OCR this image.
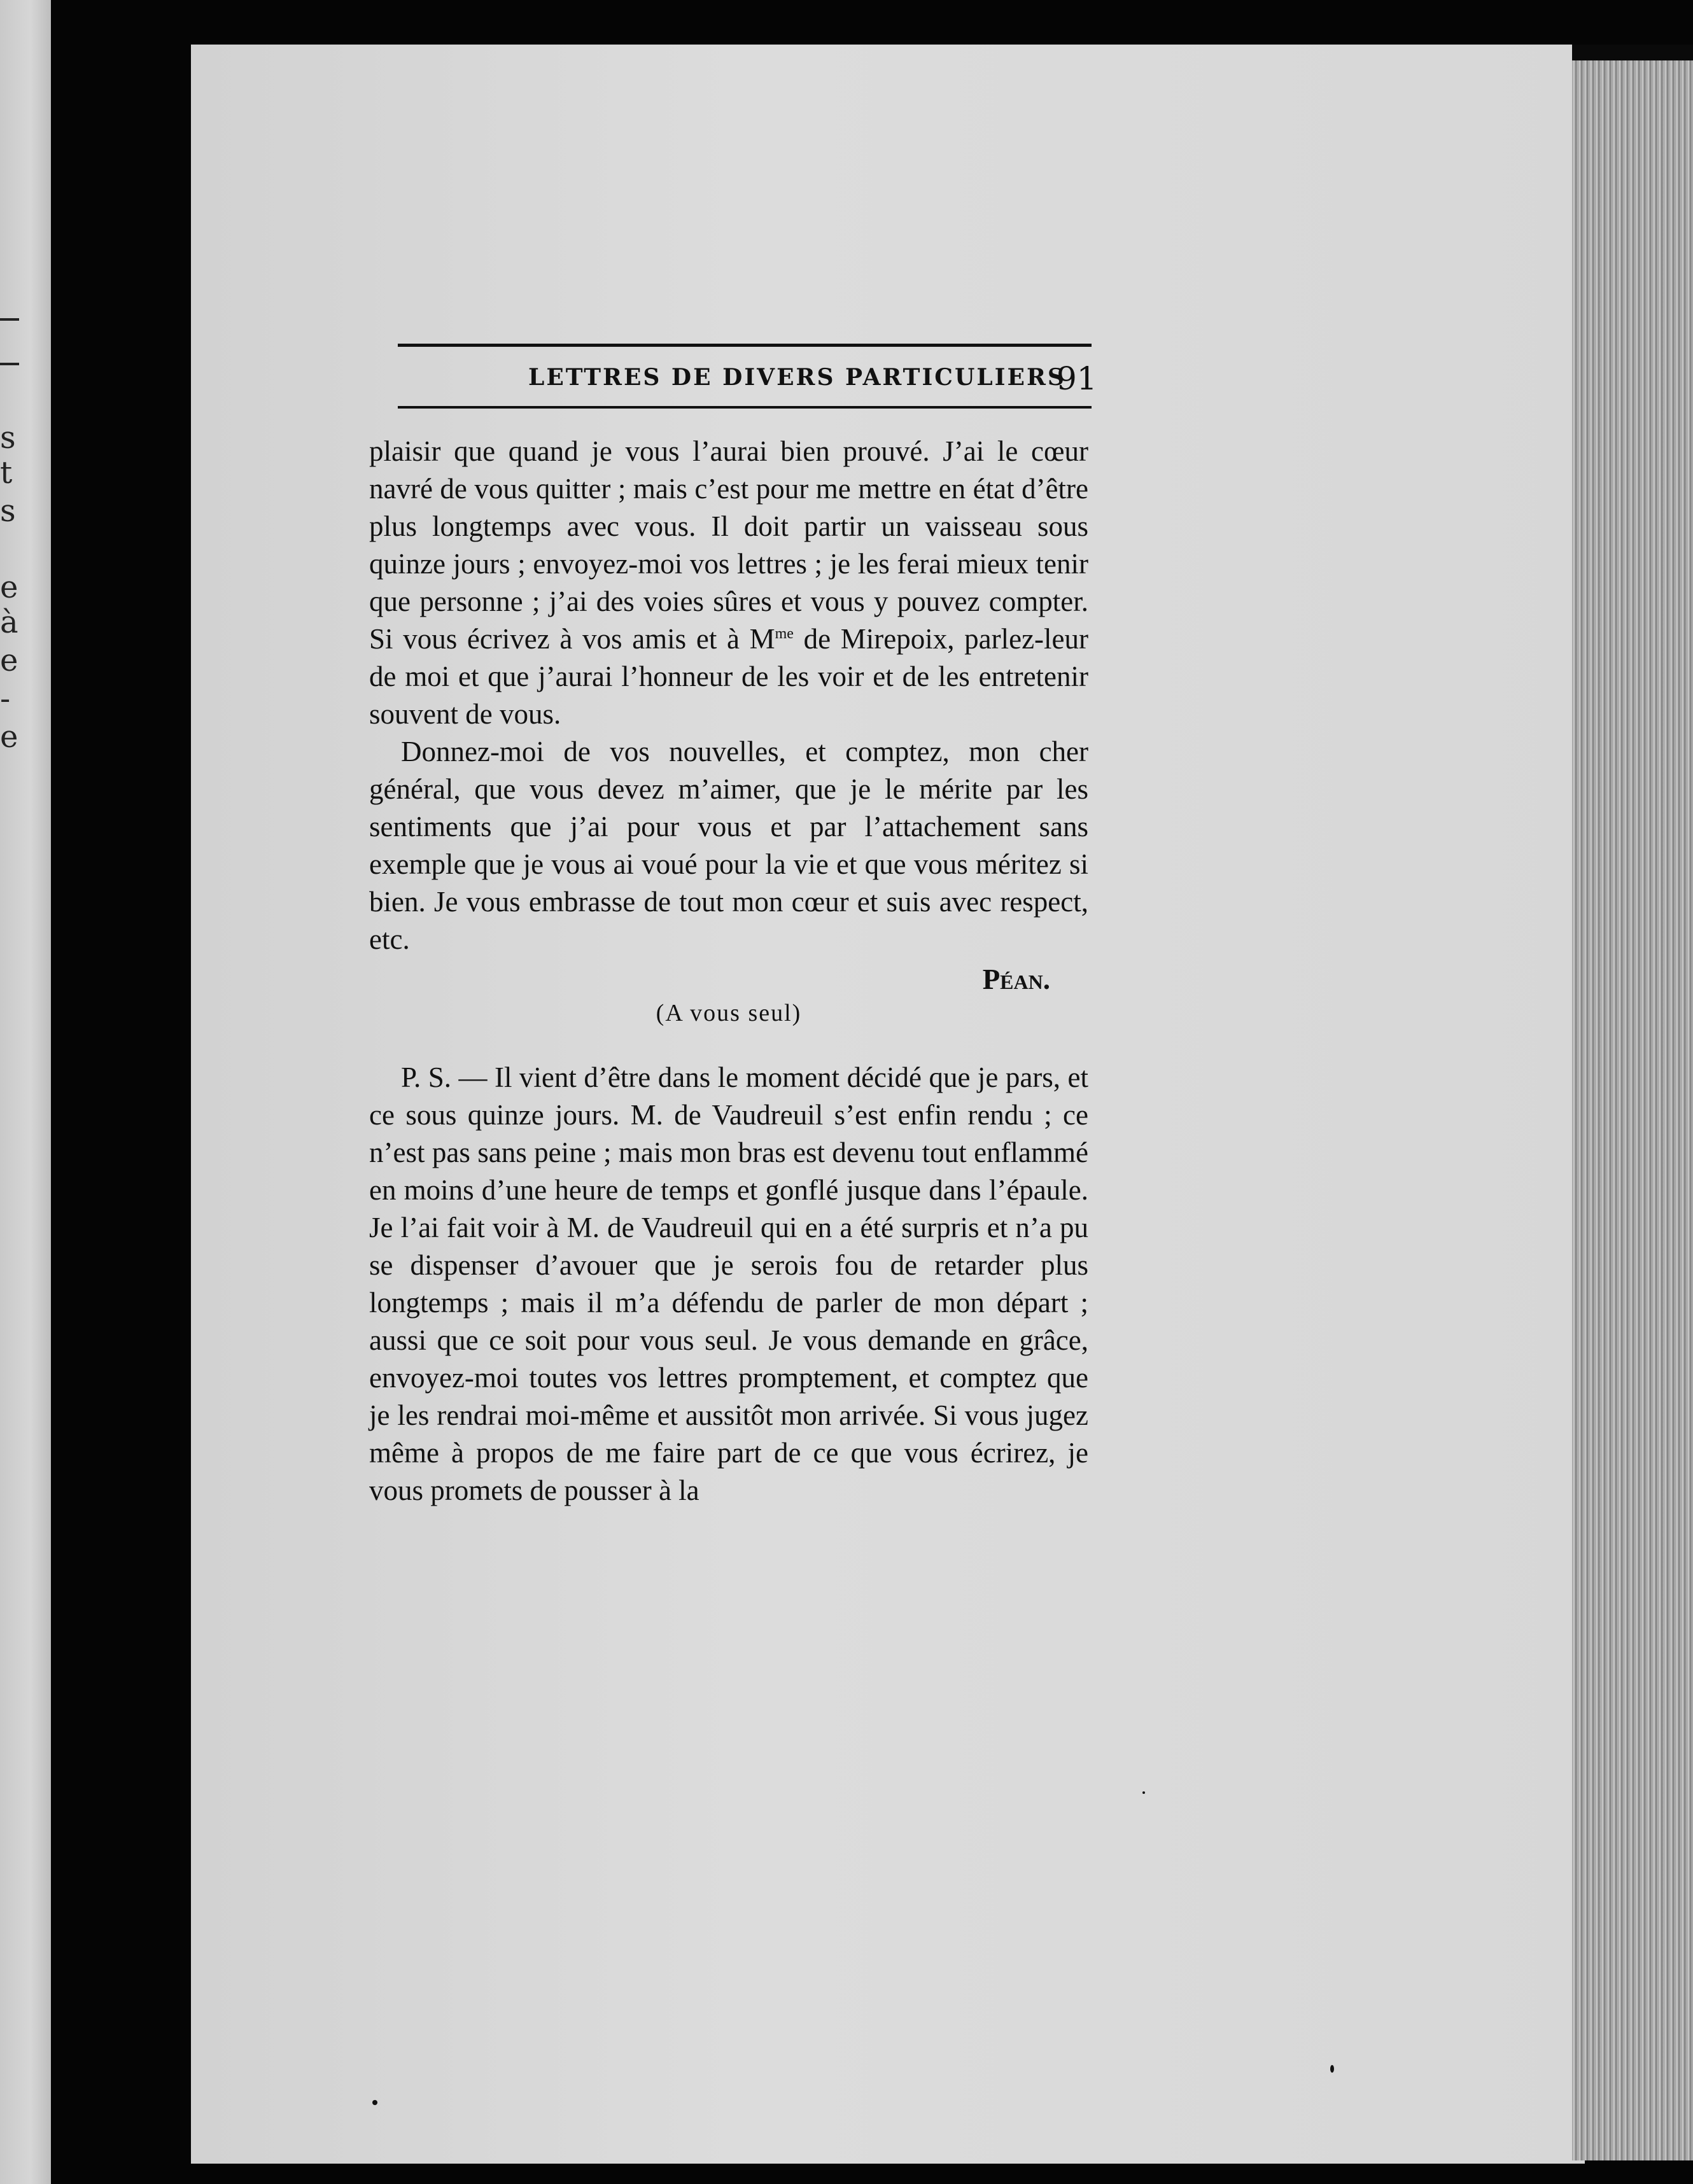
s
t
s
e
à
e
-
e
LETTRES DE DIVERS PARTICULIERS
91

plaisir que quand je vous l’aurai bien prouvé. J’ai le cœur navré de vous quitter ; mais c’est pour me mettre en état d’être plus longtemps avec vous. Il doit partir un vaisseau sous quinze jours ; envoyez-moi vos lettres ; je les ferai mieux tenir que personne ; j’ai des voies sûres et vous y pouvez compter. Si vous écrivez à vos amis et à $M^{me}$ de Mirepoix, parlez-leur de moi et que j’aurai l’honneur de les voir et de les entretenir souvent de vous.

Donnez-moi de vos nouvelles, et comptez, mon cher général, que vous devez m’aimer, que je le mérite par les sentiments que j’ai pour vous et par l’attachement sans exemple que je vous ai voué pour la vie et que vous méritez si bien. Je vous embrasse de tout mon cœur et suis avec respect, etc.

Péan.

(A vous seul)

P. S. — Il vient d’être dans le moment décidé que je pars, et ce sous quinze jours. M. de Vaudreuil s’est enfin rendu ; ce n’est pas sans peine ; mais mon bras est devenu tout enflammé en moins d’une heure de temps et gonflé jusque dans l’épaule. Je l’ai fait voir à M. de Vaudreuil qui en a été surpris et n’a pu se dispenser d’avouer que je serois fou de retarder plus longtemps ; mais il m’a défendu de parler de mon départ ; aussi que ce soit pour vous seul. Je vous demande en grâce, envoyez-moi toutes vos lettres promptement, et comptez que je les rendrai moi-même et aussitôt mon arrivée. Si vous jugez même à propos de me faire part de ce que vous écrirez, je vous promets de pousser à la
